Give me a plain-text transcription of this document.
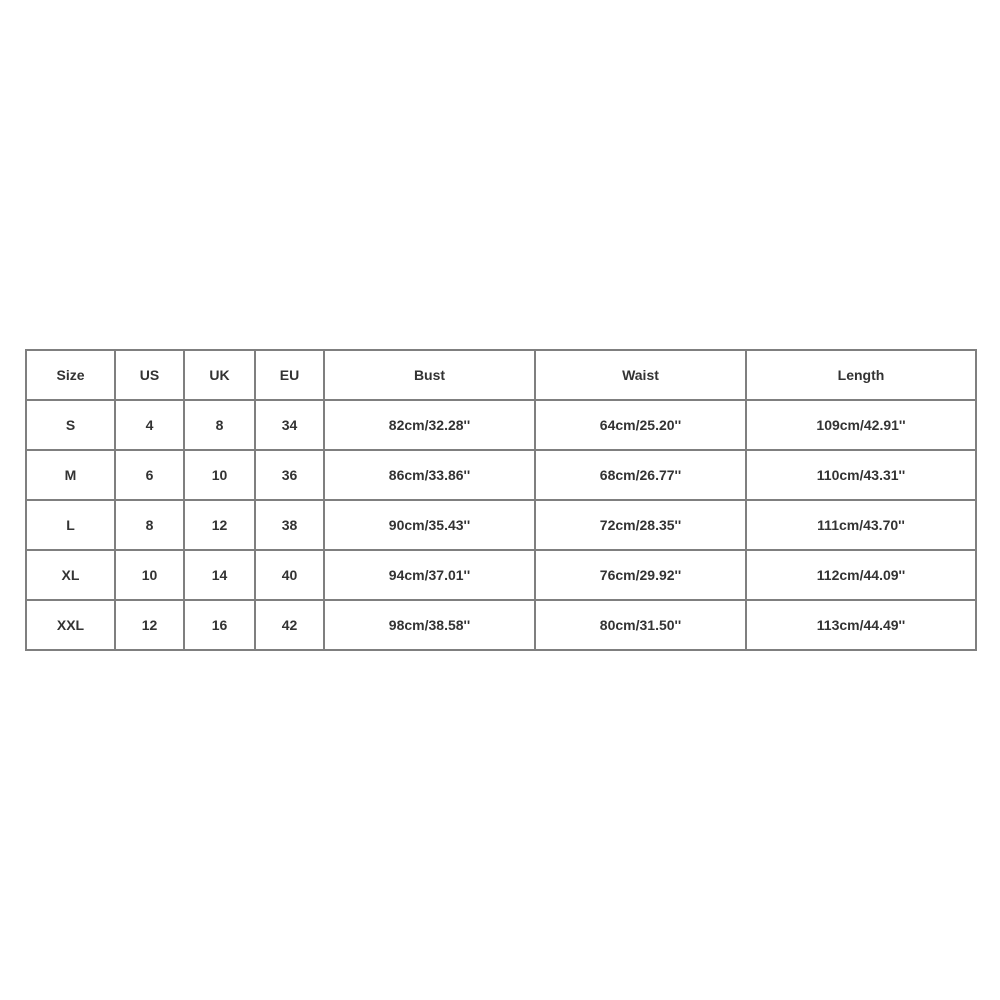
Size	US	UK	EU	Bust	Waist	Length
S	4	8	34	82cm/32.28''	64cm/25.20''	109cm/42.91''
M	6	10	36	86cm/33.86''	68cm/26.77''	110cm/43.31''
L	8	12	38	90cm/35.43''	72cm/28.35''	111cm/43.70''
XL	10	14	40	94cm/37.01''	76cm/29.92''	112cm/44.09''
XXL	12	16	42	98cm/38.58''	80cm/31.50''	113cm/44.49''
